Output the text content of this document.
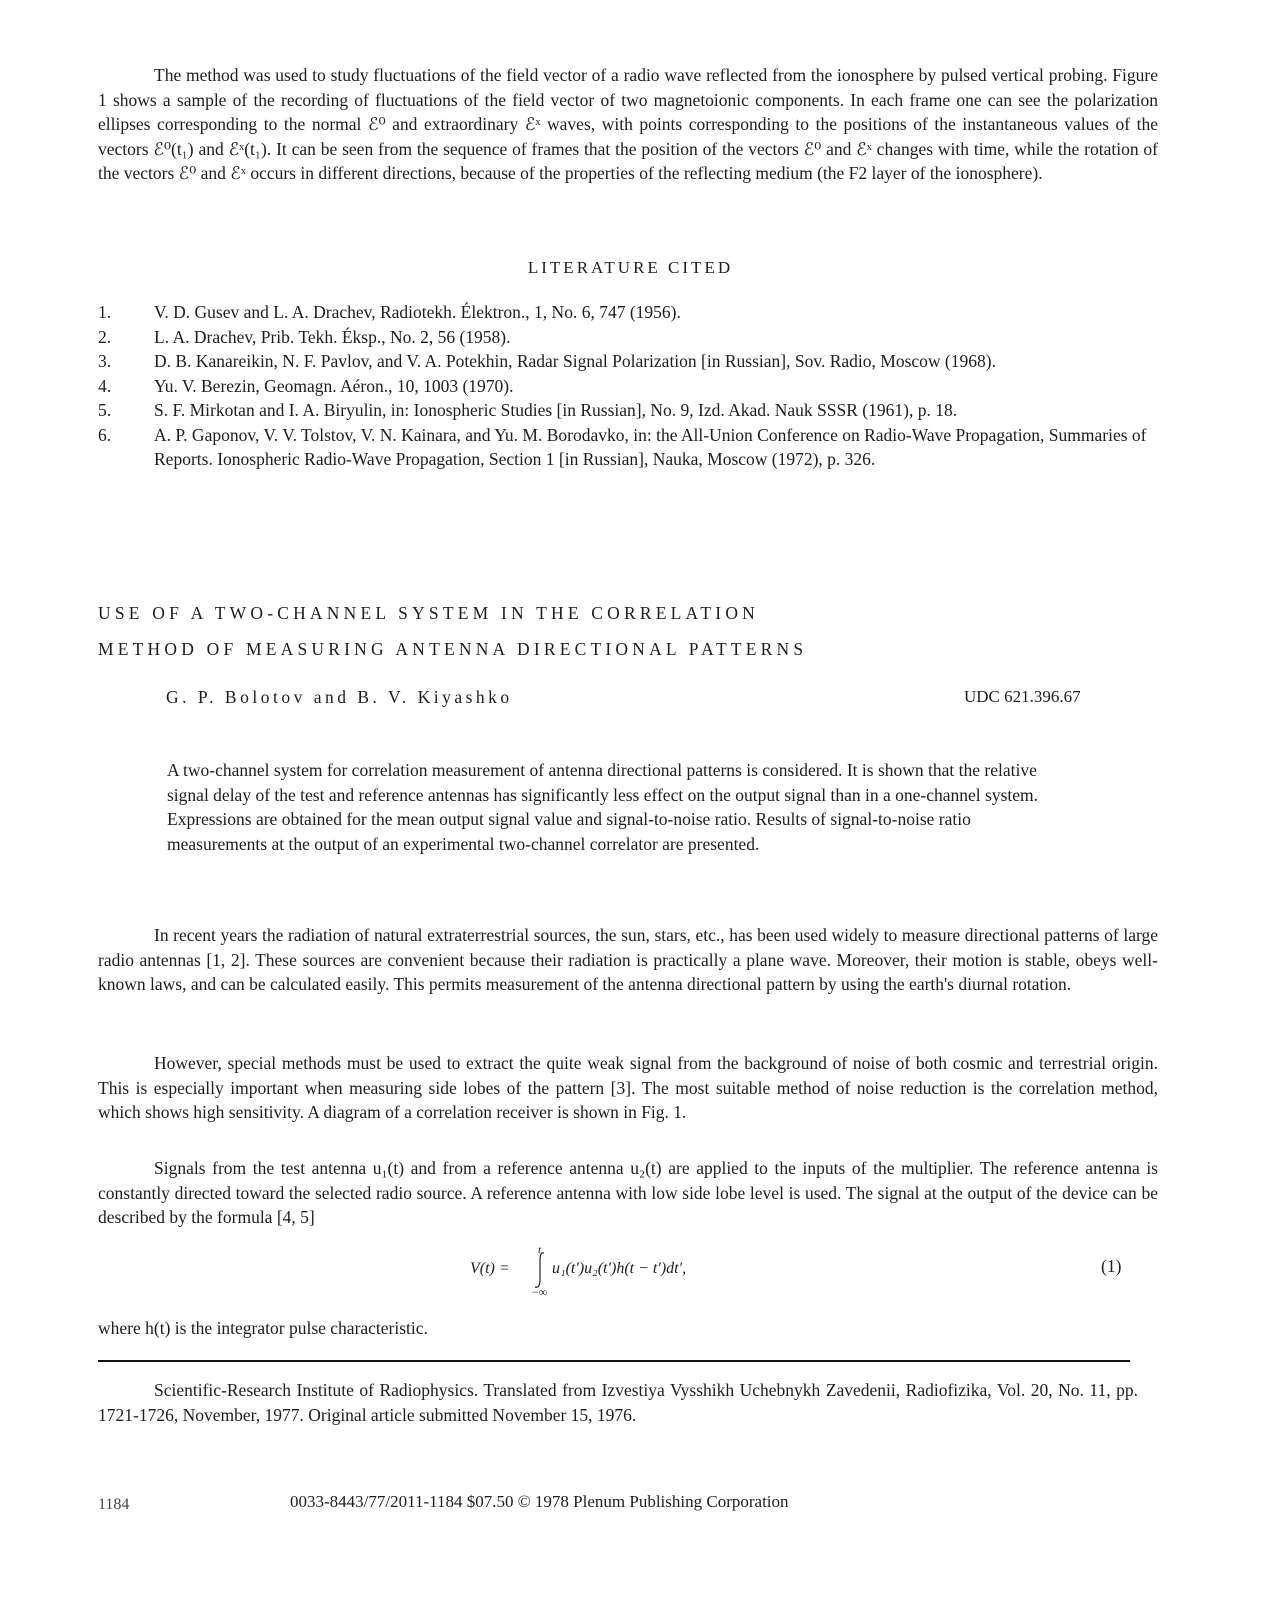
The method was used to study fluctuations of the field vector of a radio wave reflected from the ionosphere by pulsed vertical probing. Figure 1 shows a sample of the recording of fluctuations of the field vector of two magnetoionic components. In each frame one can see the polarization ellipses corresponding to the normal ℰ⁰ and extraordinary ℰˣ waves, with points corresponding to the positions of the instantaneous values of the vectors ℰ⁰(t₁) and ℰˣ(t₁). It can be seen from the sequence of frames that the position of the vectors ℰ⁰ and ℰˣ changes with time, while the rotation of the vectors ℰ⁰ and ℰˣ occurs in different directions, because of the properties of the reflecting medium (the F2 layer of the ionosphere).

LITERATURE CITED
1.	V. D. Gusev and L. A. Drachev, Radiotekh. Élektron., 1, No. 6, 747 (1956).
2.	L. A. Drachev, Prib. Tekh. Éksp., No. 2, 56 (1958).
3.	D. B. Kanareikin, N. F. Pavlov, and V. A. Potekhin, Radar Signal Polarization [in Russian], Sov. Radio, Moscow (1968).
4.	Yu. V. Berezin, Geomagn. Aéron., 10, 1003 (1970).
5.	S. F. Mirkotan and I. A. Biryulin, in: Ionospheric Studies [in Russian], No. 9, Izd. Akad. Nauk SSSR (1961), p. 18.
6.	A. P. Gaponov, V. V. Tolstov, V. N. Kainara, and Yu. M. Borodavko, in: the All-Union Conference on Radio-Wave Propagation, Summaries of Reports. Ionospheric Radio-Wave Propagation, Section 1 [in Russian], Nauka, Moscow (1972), p. 326.
USE OF A TWO-CHANNEL SYSTEM IN THE CORRELATION
METHOD OF MEASURING ANTENNA DIRECTIONAL PATTERNS
G. P. Bolotov and B. V. Kiyashko	UDC 621.396.67

A two-channel system for correlation measurement of antenna directional patterns is considered. It is shown that the relative signal delay of the test and reference antennas has significantly less effect on the output signal than in a one-channel system. Expressions are obtained for the mean output signal value and signal-to-noise ratio. Results of signal-to-noise ratio measurements at the output of an experimental two-channel correlator are presented.

In recent years the radiation of natural extraterrestrial sources, the sun, stars, etc., has been used widely to measure directional patterns of large radio antennas [1, 2]. These sources are convenient because their radiation is practically a plane wave. Moreover, their motion is stable, obeys well-known laws, and can be calculated easily. This permits measurement of the antenna directional pattern by using the earth's diurnal rotation.

However, special methods must be used to extract the quite weak signal from the background of noise of both cosmic and terrestrial origin. This is especially important when measuring side lobes of the pattern [3]. The most suitable method of noise reduction is the correlation method, which shows high sensitivity. A diagram of a correlation receiver is shown in Fig. 1.

Signals from the test antenna u₁(t) and from a reference antenna u₂(t) are applied to the inputs of the multiplier. The reference antenna is constantly directed toward the selected radio source. A reference antenna with low side lobe level is used. The signal at the output of the device can be described by the formula [4, 5]

V(t) =
t
u₁(t′)u₂(t′)h(t − t′)dt′,
−∞
(1)

where h(t) is the integrator pulse characteristic.

Scientific-Research Institute of Radiophysics. Translated from Izvestiya Vysshikh Uchebnykh Zavedenii, Radiofizika, Vol. 20, No. 11, pp. 1721-1726, November, 1977. Original article submitted November 15, 1976.

1184	0033-8443/77/2011-1184 $07.50 © 1978 Plenum Publishing Corporation
